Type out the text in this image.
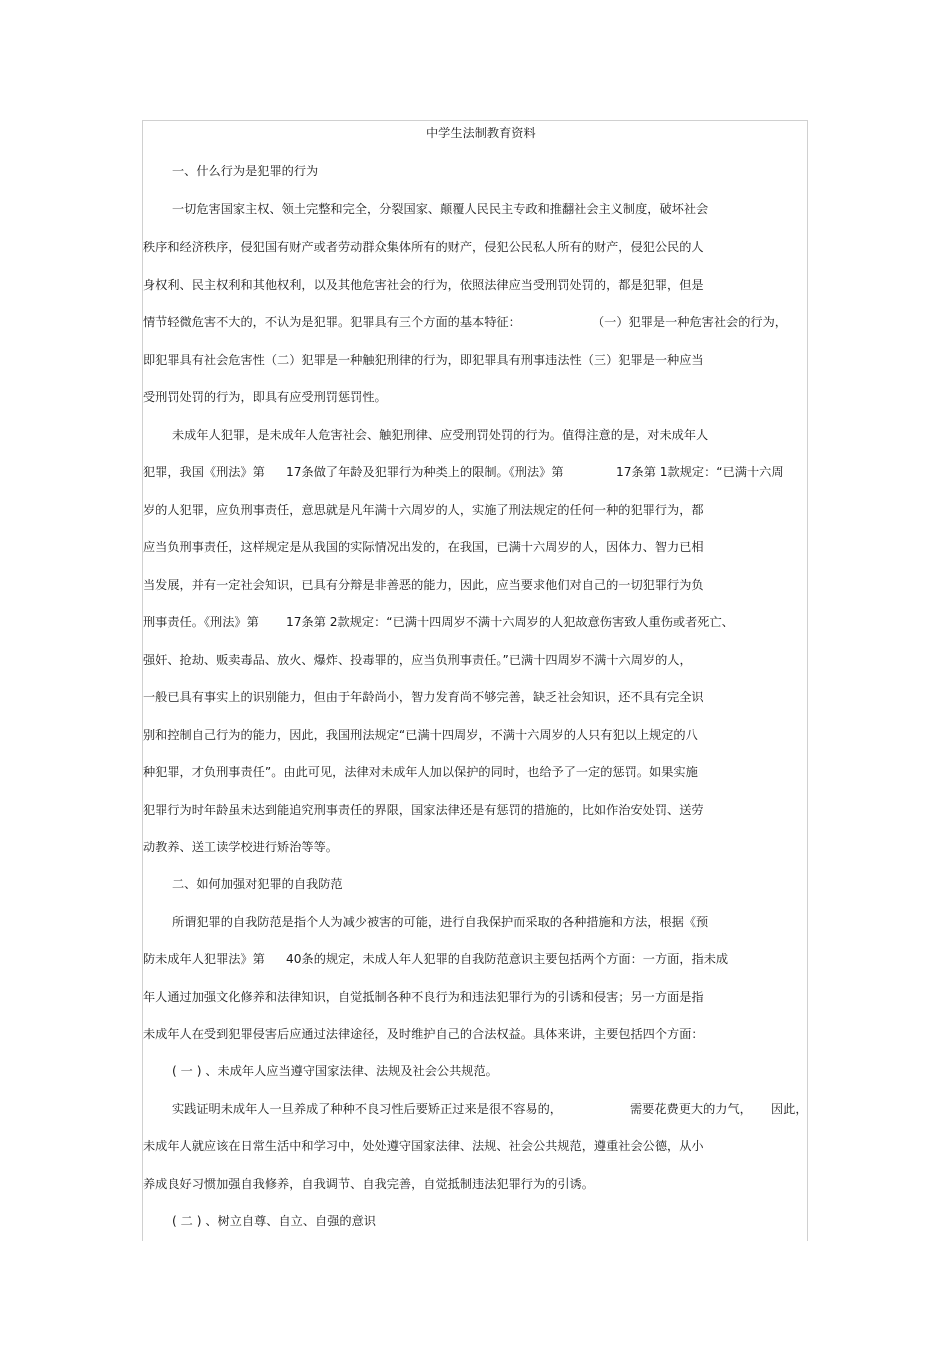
中学生法制教育资料
一、什么行为是犯罪的行为
一切危害国家主权、领土完整和完全，分裂国家、颠覆人民民主专政和推翻社会主义制度，破坏社会
秩序和经济秩序，侵犯国有财产或者劳动群众集体所有的财产，侵犯公民私人所有的财产，侵犯公民的人
身权利、民主权利和其他权利，以及其他危害社会的行为，依照法律应当受刑罚处罚的，都是犯罪，但是
情节轻微危害不大的，不认为是犯罪。犯罪具有三个方面的基本特征：	（一）犯罪是一种危害社会的行为，
即犯罪具有社会危害性（二）犯罪是一种触犯刑律的行为，即犯罪具有刑事违法性（三）犯罪是一种应当
受刑罚处罚的行为，即具有应受刑罚惩罚性。
未成年人犯罪，是未成年人危害社会、触犯刑律、应受刑罚处罚的行为。值得注意的是，对未成年人
犯罪，我国《刑法》第 17条做了年龄及犯罪行为种类上的限制。《刑法》第	17条第 1款规定：“已满十六周
岁的人犯罪，应负刑事责任，意思就是凡年满十六周岁的人，实施了刑法规定的任何一种的犯罪行为，都
应当负刑事责任，这样规定是从我国的实际情况出发的，在我国，已满十六周岁的人，因体力、智力已相
当发展，并有一定社会知识，已具有分辩是非善恶的能力，因此，应当要求他们对自己的一切犯罪行为负
刑事责任。《刑法》第 17条第 2款规定：“已满十四周岁不满十六周岁的人犯故意伤害致人重伤或者死亡、
强奸、抢劫、贩卖毒品、放火、爆炸、投毒罪的，应当负刑事责任。”已满十四周岁不满十六周岁的人，
一般已具有事实上的识别能力，但由于年龄尚小，智力发育尚不够完善，缺乏社会知识，还不具有完全识
别和控制自己行为的能力，因此，我国刑法规定“已满十四周岁，不满十六周岁的人只有犯以上规定的八
种犯罪，才负刑事责任”。由此可见，法律对未成年人加以保护的同时，也给予了一定的惩罚。如果实施
犯罪行为时年龄虽未达到能追究刑事责任的界限，国家法律还是有惩罚的措施的，比如作治安处罚、送劳
动教养、送工读学校进行矫治等等。
二、如何加强对犯罪的自我防范
所谓犯罪的自我防范是指个人为减少被害的可能，进行自我保护而采取的各种措施和方法，根据《预
防未成年人犯罪法》第 40条的规定，未成人年人犯罪的自我防范意识主要包括两个方面：一方面，指未成
年人通过加强文化修养和法律知识，自觉抵制各种不良行为和违法犯罪行为的引诱和侵害；另一方面是指
未成年人在受到犯罪侵害后应通过法律途径，及时维护自己的合法权益。具体来讲，主要包括四个方面：
( 一 ) 、未成年人应当遵守国家法律、法规及社会公共规范。
实践证明未成年人一旦养成了种种不良习性后要矫正过来是很不容易的，	需要花费更大的力气， 因此，
未成年人就应该在日常生活中和学习中，处处遵守国家法律、法规、社会公共规范，遵重社会公德，从小
养成良好习惯加强自我修养，自我调节、自我完善，自觉抵制违法犯罪行为的引诱。
( 二 ) 、树立自尊、自立、自强的意识
